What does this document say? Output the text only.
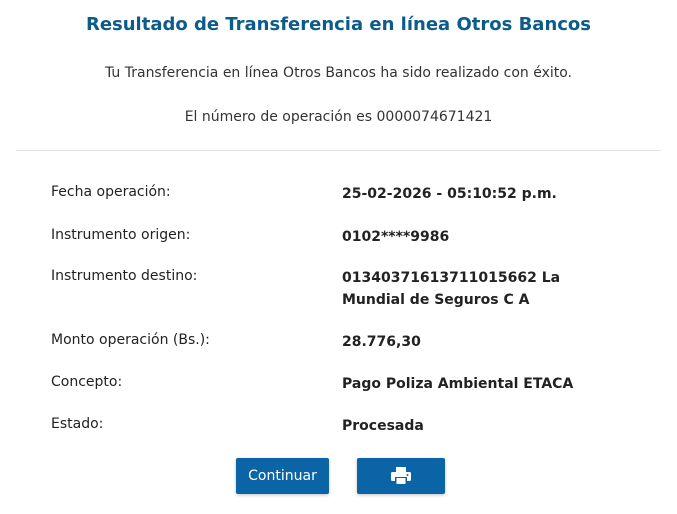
Resultado de Transferencia en línea Otros Bancos
Tu Transferencia en línea Otros Bancos ha sido realizado con éxito.
El número de operación es 0000074671421
Fecha operación:	25-02-2026 - 05:10:52 p.m.
Instrumento origen:	0102****9986
Instrumento destino:	01340371613711015662 La Mundial de Seguros C A
Monto operación (Bs.):	28.776,30
Concepto:	Pago Poliza Ambiental ETACA
Estado:	Procesada
Continuar
